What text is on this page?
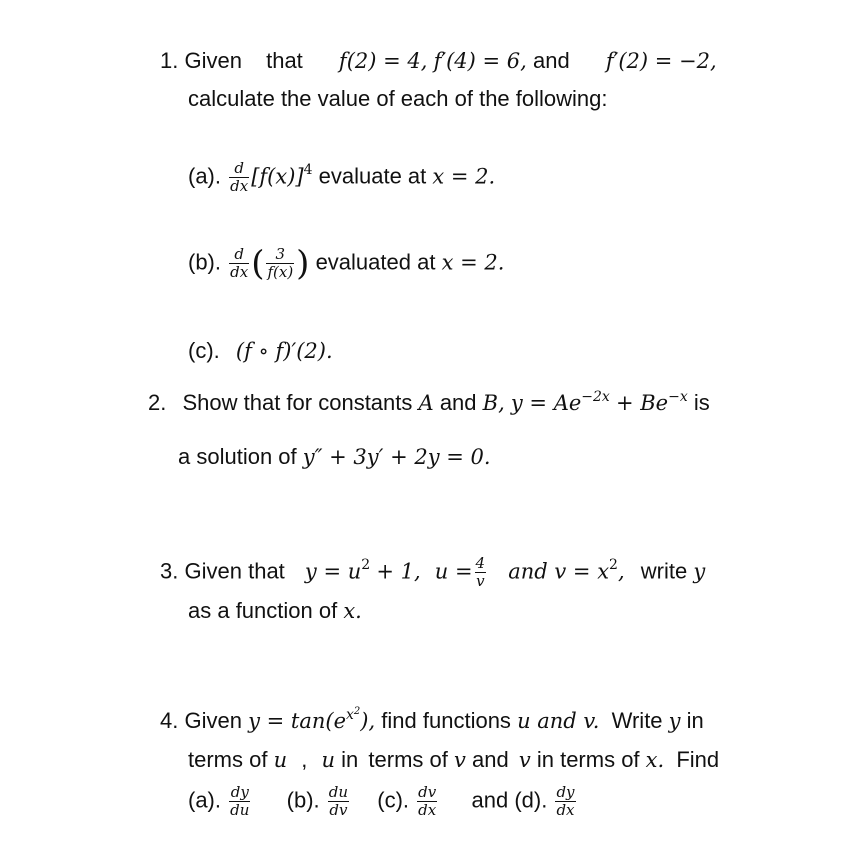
1. Given that f(2) = 4, f′(4) = 6, and f′(2) = −2,
calculate the value of each of the following:
(a). $\frac{d}{dx} [f(x)]^4$ evaluate at x = 2.
(b). $\frac{d}{dx}$ ( $\frac{3}{f(x)}$ ) evaluated at x = 2.
(c). (f ∘ f)′(2).
2. Show that for constants A and B, $y = Ae^{-2x} + Be^{-x}$ is
a solution of y″ + 3y′ + 2y = 0.
3. Given that $y = u^2 + 1$, $u = \frac{4}{v}$ and $v = x^2$, write y
as a function of x.
4. Given $y = \tan(e^{x^2})$, find functions u and v. Write y in
terms of u , u in terms of v and v in terms of x. Find
(a). $\frac{dy}{du} (b)$. $\frac{du}{dv} (c)$. $\frac{dv}{dx}$ and (d). $\frac{dy}{dx}$
